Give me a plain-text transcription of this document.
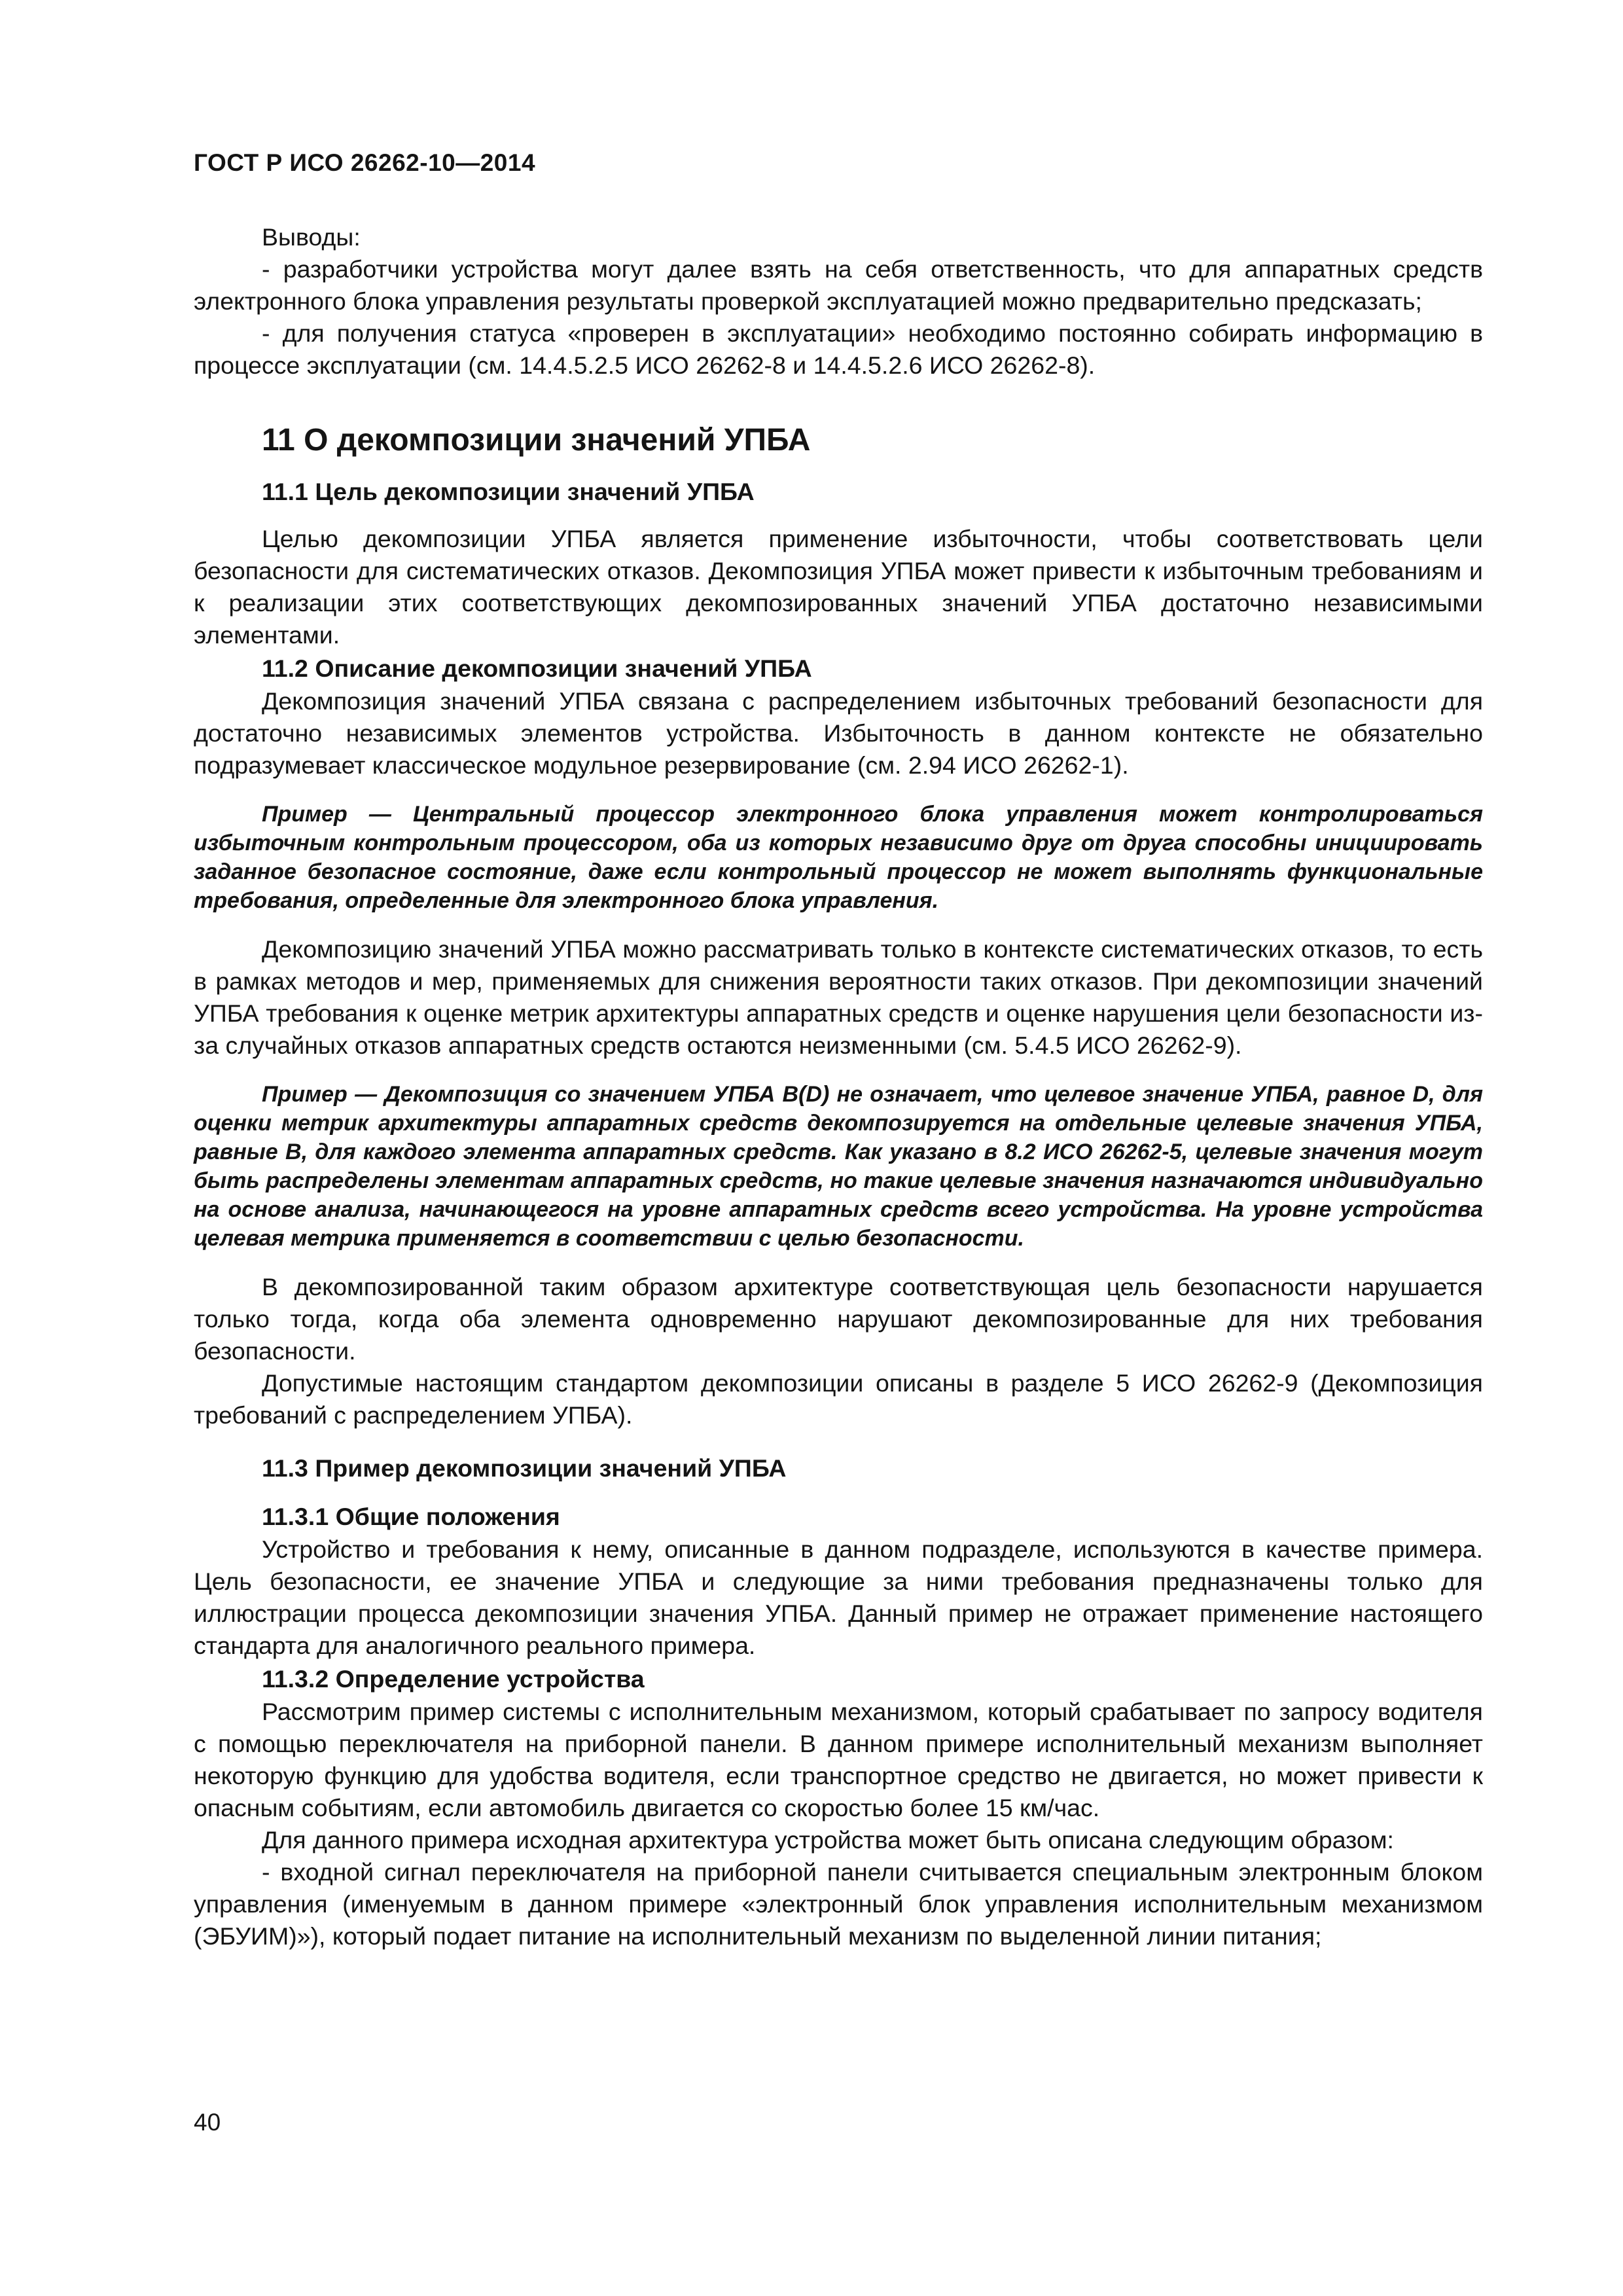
ГОСТ Р ИСО 26262-10—2014

Выводы:

- разработчики устройства могут далее взять на себя ответственность, что для аппаратных средств электронного блока управления результаты проверкой эксплуатацией можно предварительно предсказать;

- для получения статуса «проверен в эксплуатации» необходимо постоянно собирать информацию в процессе эксплуатации (см. 14.4.5.2.5 ИСО 26262-8 и 14.4.5.2.6 ИСО 26262-8).

11 О декомпозиции значений УПБА
11.1 Цель декомпозиции значений УПБА

Целью декомпозиции УПБА является применение избыточности, чтобы соответствовать цели безопасности для систематических отказов. Декомпозиция УПБА может привести к избыточным требованиям и к реализации этих соответствующих декомпозированных значений УПБА достаточно независимыми элементами.

11.2 Описание декомпозиции значений УПБА

Декомпозиция значений УПБА связана с распределением избыточных требований безопасности для достаточно независимых элементов устройства. Избыточность в данном контексте не обязательно подразумевает классическое модульное резервирование (см. 2.94 ИСО 26262-1).

Пример — Центральный процессор электронного блока управления может контролироваться избыточным контрольным процессором, оба из которых независимо друг от друга способны инициировать заданное безопасное состояние, даже если контрольный процессор не может выполнять функциональные требования, определенные для электронного блока управления.

Декомпозицию значений УПБА можно рассматривать только в контексте систематических отказов, то есть в рамках методов и мер, применяемых для снижения вероятности таких отказов. При декомпозиции значений УПБА требования к оценке метрик архитектуры аппаратных средств и оценке нарушения цели безопасности из-за случайных отказов аппаратных средств остаются неизменными (см. 5.4.5 ИСО 26262-9).

Пример — Декомпозиция со значением УПБА B(D) не означает, что целевое значение УПБА, равное D, для оценки метрик архитектуры аппаратных средств декомпозируется на отдельные целевые значения УПБА, равные B, для каждого элемента аппаратных средств. Как указано в 8.2 ИСО 26262-5, целевые значения могут быть распределены элементам аппаратных средств, но такие целевые значения назначаются индивидуально на основе анализа, начинающегося на уровне аппаратных средств всего устройства. На уровне устройства целевая метрика применяется в соответствии с целью безопасности.

В декомпозированной таким образом архитектуре соответствующая цель безопасности нарушается только тогда, когда оба элемента одновременно нарушают декомпозированные для них требования безопасности.

Допустимые настоящим стандартом декомпозиции описаны в разделе 5 ИСО 26262-9 (Декомпозиция требований с распределением УПБА).

11.3 Пример декомпозиции значений УПБА
11.3.1 Общие положения

Устройство и требования к нему, описанные в данном подразделе, используются в качестве примера. Цель безопасности, ее значение УПБА и следующие за ними требования предназначены только для иллюстрации процесса декомпозиции значения УПБА. Данный пример не отражает применение настоящего стандарта для аналогичного реального примера.

11.3.2 Определение устройства

Рассмотрим пример системы с исполнительным механизмом, который срабатывает по запросу водителя с помощью переключателя на приборной панели. В данном примере исполнительный механизм выполняет некоторую функцию для удобства водителя, если транспортное средство не двигается, но может привести к опасным событиям, если автомобиль двигается со скоростью более 15 км/час.

Для данного примера исходная архитектура устройства может быть описана следующим образом:

- входной сигнал переключателя на приборной панели считывается специальным электронным блоком управления (именуемым в данном примере «электронный блок управления исполнительным механизмом (ЭБУИМ)»), который подает питание на исполнительный механизм по выделенной линии питания;

40
